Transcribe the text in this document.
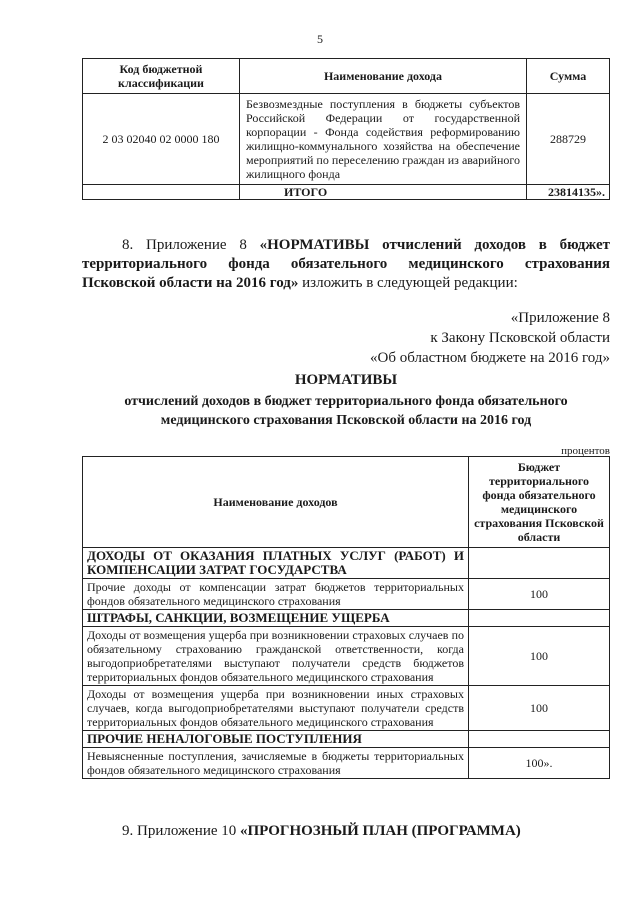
5
Код бюджетной классификации	Наименование дохода	Сумма
2 03 02040 02 0000 180	Безвозмездные поступления в бюджеты субъектов Российской Федерации от государственной корпорации - Фонда содействия реформированию жилищно-коммунального хозяйства на обеспечение мероприятий по переселению граждан из аварийного жилищного фонда	288729
	ИТОГО	23814135».
8. Приложение 8 «НОРМАТИВЫ отчислений доходов в бюджет территориального фонда обязательного медицинского страхования Псковской области на 2016 год» изложить в следующей редакции:
«Приложение 8
к Закону Псковской области
«Об областном бюджете на 2016 год»
НОРМАТИВЫ
отчислений доходов в бюджет территориального фонда обязательного медицинского страхования Псковской области на 2016 год
процентов
Наименование доходов	Бюджет территориального фонда обязательного медицинского страхования Псковской области
ДОХОДЫ ОТ ОКАЗАНИЯ ПЛАТНЫХ УСЛУГ (РАБОТ) И КОМПЕНСАЦИИ ЗАТРАТ ГОСУДАРСТВА	
Прочие доходы от компенсации затрат бюджетов территориальных фондов обязательного медицинского страхования	100
ШТРАФЫ, САНКЦИИ, ВОЗМЕЩЕНИЕ УЩЕРБА	
Доходы от возмещения ущерба при возникновении страховых случаев по обязательному страхованию гражданской ответственности, когда выгодоприобретателями выступают получатели средств бюджетов территориальных фондов обязательного медицинского страхования	100
Доходы от возмещения ущерба при возникновении иных страховых случаев, когда выгодоприобретателями выступают получатели средств территориальных фондов обязательного медицинского страхования	100
ПРОЧИЕ НЕНАЛОГОВЫЕ ПОСТУПЛЕНИЯ	
Невыясненные поступления, зачисляемые в бюджеты территориальных фондов обязательного медицинского страхования	100».
9. Приложение 10 «ПРОГНОЗНЫЙ ПЛАН (ПРОГРАММА)
